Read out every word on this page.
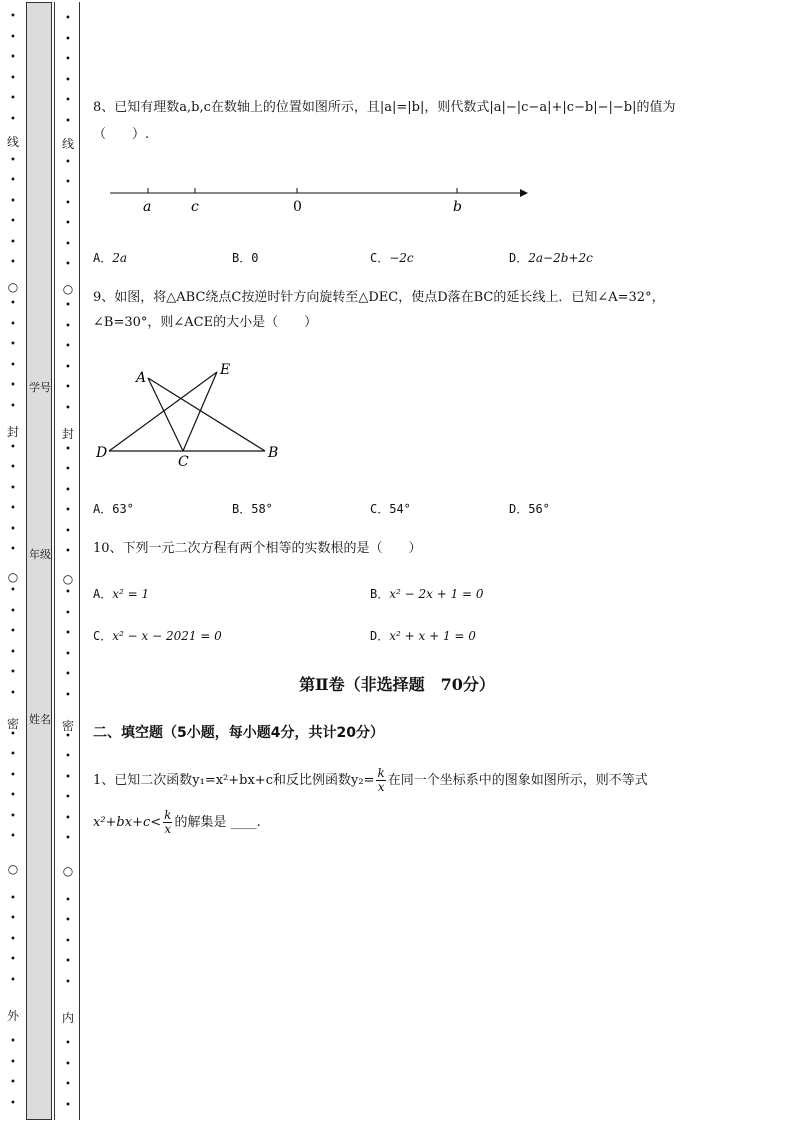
•
•
•
•
•
•
•
•
•
•
•
•
•
•
•
•
•
•
•
•
•
•
•
•
•
•
•
•
•
•
•
•
•
•
•
•
•
•
•
•
•
•
•
•
•
线
封
密
外
○
○
○
学号
年级
姓名
•
•
•
•
•
•
•
•
•
•
•
•
•
•
•
•
•
•
•
•
•
•
•
•
•
•
•
•
•
•
•
•
•
•
•
•
•
•
•
•
•
•
•
•
•
线
封
密
内
○
○
○
8、已知有理数a,b,c在数轴上的位置如图所示，且|a|=|b|，则代数式|a|−|c−a|+|c−b|−|−b|的值为
（　　）.
a	c	0	b
A．2a	B．0	C．−2c	D．2a−2b+2c
9、如图，将△ABC绕点C按逆时针方向旋转至△DEC，使点D落在BC的延长线上．已知∠A=32°，
∠B=30°，则∠ACE的大小是（　　）
A	E
D
C
B
A．63°	B．58°	C．54°	D．56°
10、下列一元二次方程有两个相等的实数根的是（　　）
A．x² = 1	B．x² − 2x + 1 = 0
C．x² − x − 2021 = 0	D．x² + x + 1 = 0
第Ⅱ卷（非选择题　70分）
二、填空题（5小题，每小题4分，共计20分）
1、已知二次函数y₁=x²+bx+c和反比例函数$y_2= \frac{k}{x}$ 在同一个坐标系中的图象如图所示，则不等式
$x^2+bx+c< \frac{k}{x}$ 的解集是 ____.
